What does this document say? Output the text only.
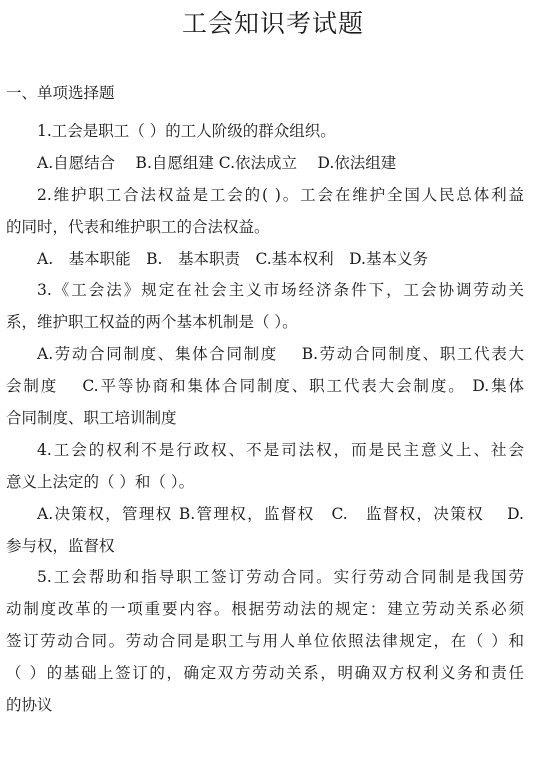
工会知识考试题
一、单项选择题
1.工会是职工（ ）的工人阶级的群众组织。
A.自愿结合　 B.自愿组建 C.依法成立　 D.依法组建
2.维护职工合法权益是工会的( )。工会在维护全国人民总体利益
的同时，代表和维护职工的合法权益。
A.　基本职能　B.　基本职责　C.基本权利　D.基本义务
3.《工会法》规定在社会主义市场经济条件下，工会协调劳动关
系，维护职工权益的两个基本机制是（ ）。
A.劳动合同制度、集体合同制度　 B.劳动合同制度、职工代表大
会制度　 C.平等协商和集体合同制度、职工代表大会制度。 D.集体
合同制度、职工培训制度
4.工会的权利不是行政权、不是司法权，而是民主意义上、社会
意义上法定的（ ）和（ ）。
A.决策权，管理权 B.管理权，监督权　C.　监督权，决策权　 D.
参与权，监督权
5.工会帮助和指导职工签订劳动合同。实行劳动合同制是我国劳
动制度改革的一项重要内容。根据劳动法的规定：建立劳动关系必须
签订劳动合同。劳动合同是职工与用人单位依照法律规定，在（ ）和
（ ）的基础上签订的，确定双方劳动关系，明确双方权利义务和责任
的协议
